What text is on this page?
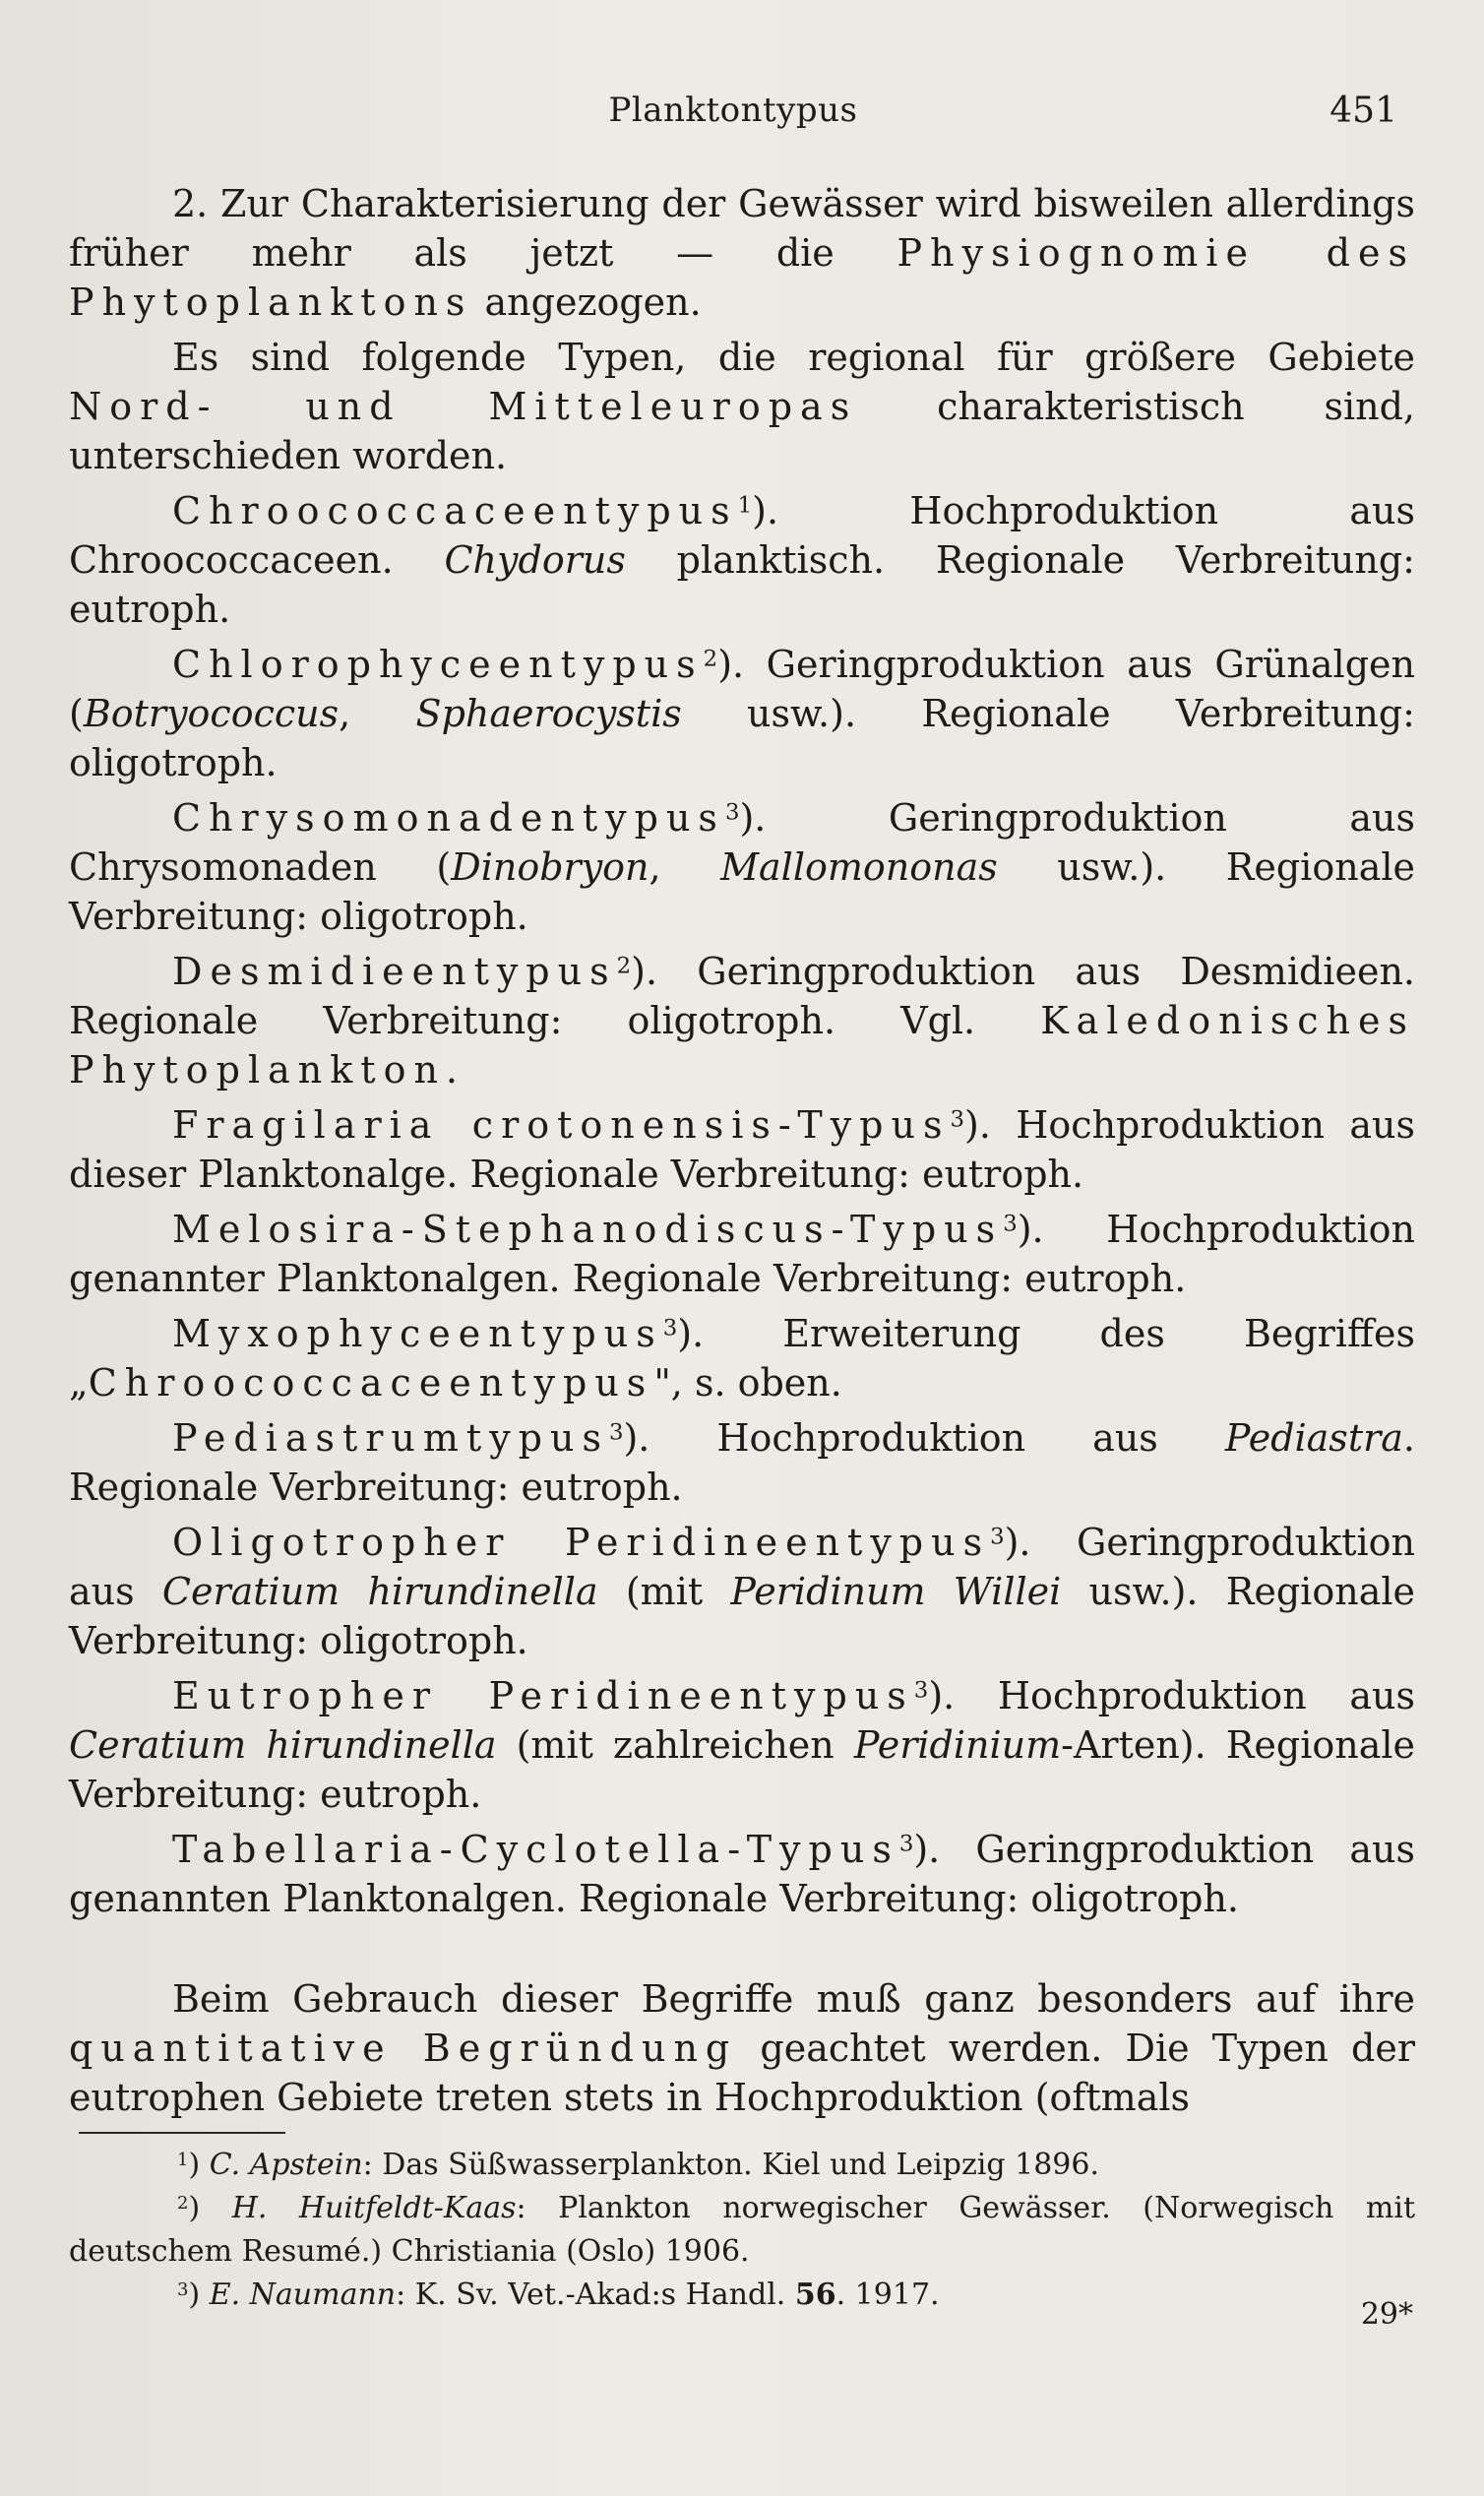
Planktontypus	451

2. Zur Charakterisierung der Gewässer wird bisweilen allerdings früher mehr als jetzt — die Physiognomie des Phytoplanktons angezogen.

Es sind folgende Typen, die regional für größere Gebiete Nord- und Mitteleuropas charakteristisch sind, unterschieden worden.

Chroococcaceentypus$^1$). Hochproduktion aus Chroococcaceen. Chydorus planktisch. Regionale Verbreitung: eutroph.

Chlorophyceentypus$^2$). Geringproduktion aus Grünalgen (Botryococcus, Sphaerocystis usw.). Regionale Verbreitung: oligotroph.

Chrysomonadentypus$^3$). Geringproduktion aus Chrysomonaden (Dinobryon, Mallomononas usw.). Regionale Verbreitung: oligotroph.

Desmidieentypus$^2$). Geringproduktion aus Desmidieen. Regionale Verbreitung: oligotroph. Vgl. Kaledonisches Phytoplankton.

Fragilaria crotonensis-Typus$^3$). Hochproduktion aus dieser Planktonalge. Regionale Verbreitung: eutroph.

Melosira-Stephanodiscus-Typus$^3$). Hochproduktion genannter Planktonalgen. Regionale Verbreitung: eutroph.

Myxophyceentypus$^3$). Erweiterung des Begriffes „Chroococcaceentypus", s. oben.

Pediastrumtypus$^3$). Hochproduktion aus Pediastra. Regionale Verbreitung: eutroph.

Oligotropher Peridineentypus$^3$). Geringproduktion aus Ceratium hirundinella (mit Peridinum Willei usw.). Regionale Verbreitung: oligotroph.

Eutropher Peridineentypus$^3$). Hochproduktion aus Ceratium hirundinella (mit zahlreichen Peridinium-Arten). Regionale Verbreitung: eutroph.

Tabellaria-Cyclotella-Typus$^3$). Geringproduktion aus genannten Planktonalgen. Regionale Verbreitung: oligotroph.

Beim Gebrauch dieser Begriffe muß ganz besonders auf ihre quantitative Begründung geachtet werden. Die Typen der eutrophen Gebiete treten stets in Hochproduktion (oftmals

$^1$) C. Apstein: Das Süßwasserplankton. Kiel und Leipzig 1896.
$^2$) H. Huitfeldt-Kaas: Plankton norwegischer Gewässer. (Norwegisch mit deutschem Resumé.) Christiania (Oslo) 1906.
$^3$) E. Naumann: K. Sv. Vet.-Akad:s Handl. 56. 1917.
29*
